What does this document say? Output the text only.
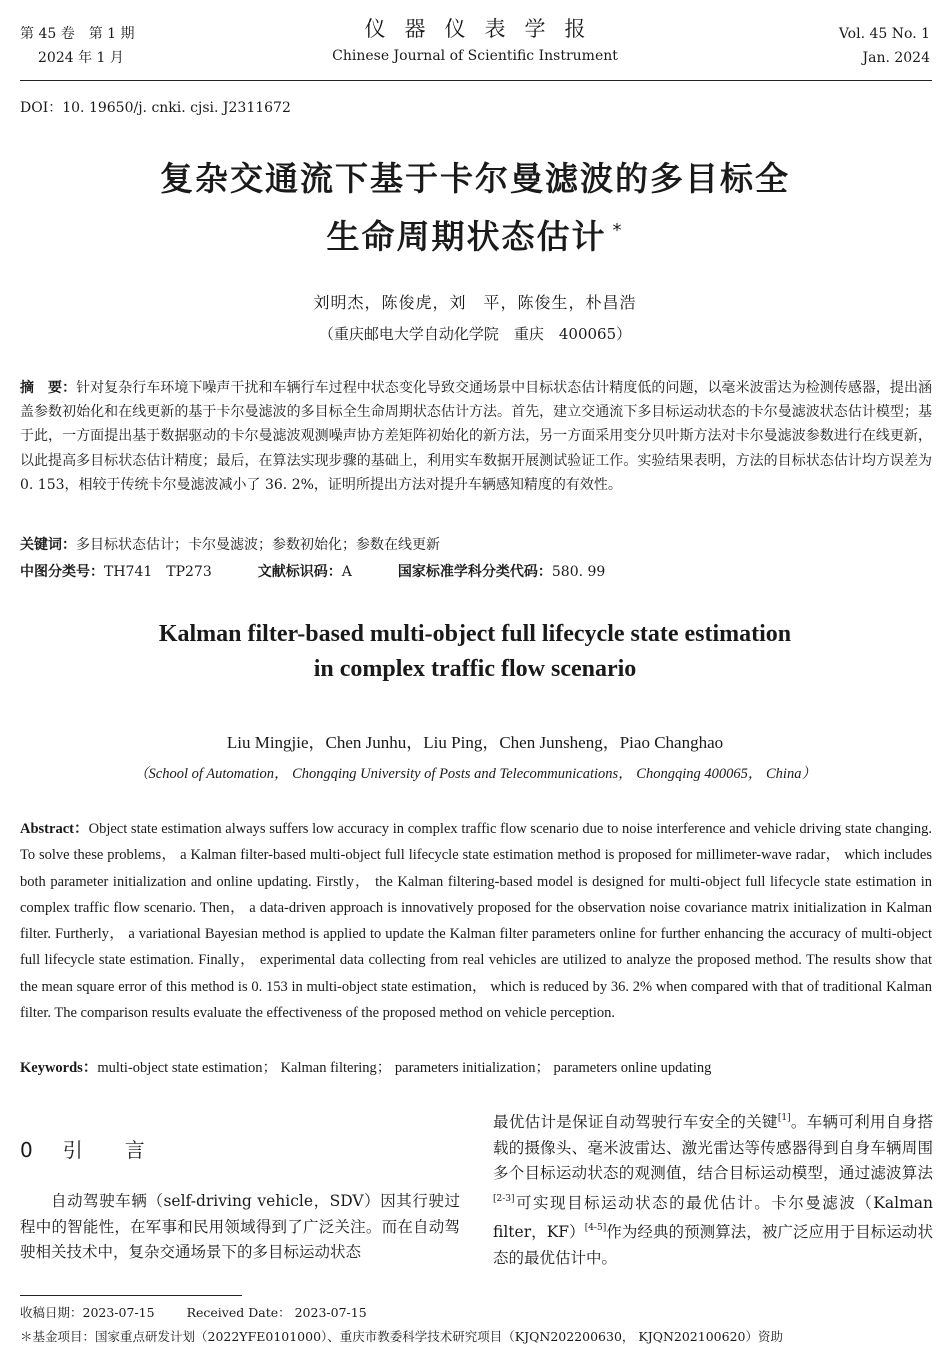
第 45 卷　第 1 期
2024 年 1 月
仪器仪表学报
Chinese Journal of Scientific Instrument
Vol. 45 No. 1
Jan. 2024
DOI：10. 19650/j. cnki. cjsi. J2311672
复杂交通流下基于卡尔曼滤波的多目标全
生命周期状态估计 *
刘明杰，陈俊虎，刘　平，陈俊生，朴昌浩
（重庆邮电大学自动化学院　重庆　400065）
摘　要：针对复杂行车环境下噪声干扰和车辆行车过程中状态变化导致交通场景中目标状态估计精度低的问题，以毫米波雷达为检测传感器，提出涵盖参数初始化和在线更新的基于卡尔曼滤波的多目标全生命周期状态估计方法。首先，建立交通流下多目标运动状态的卡尔曼滤波状态估计模型；基于此，一方面提出基于数据驱动的卡尔曼滤波观测噪声协方差矩阵初始化的新方法，另一方面采用变分贝叶斯方法对卡尔曼滤波参数进行在线更新，以此提高多目标状态估计精度；最后，在算法实现步骤的基础上，利用实车数据开展测试验证工作。实验结果表明，方法的目标状态估计均方误差为 0. 153，相较于传统卡尔曼滤波减小了 36. 2%，证明所提出方法对提升车辆感知精度的有效性。
关键词：多目标状态估计；卡尔曼滤波；参数初始化；参数在线更新
中图分类号：TH741　TP273	文献标识码：A	国家标准学科分类代码：580. 99
Kalman filter-based multi-object full lifecycle state estimation
in complex traffic flow scenario
Liu Mingjie，Chen Junhu，Liu Ping，Chen Junsheng，Piao Changhao
（School of Automation， Chongqing University of Posts and Telecommunications， Chongqing 400065， China）
Abstract：Object state estimation always suffers low accuracy in complex traffic flow scenario due to noise interference and vehicle driving state changing. To solve these problems， a Kalman filter-based multi-object full lifecycle state estimation method is proposed for millimeter-wave radar， which includes both parameter initialization and online updating. Firstly， the Kalman filtering-based model is designed for multi-object full lifecycle state estimation in complex traffic flow scenario. Then， a data-driven approach is innovatively proposed for the observation noise covariance matrix initialization in Kalman filter. Furtherly， a variational Bayesian method is applied to update the Kalman filter parameters online for further enhancing the accuracy of multi-object full lifecycle state estimation. Finally， experimental data collecting from real vehicles are utilized to analyze the proposed method. The results show that the mean square error of this method is 0. 153 in multi-object state estimation， which is reduced by 36. 2% when compared with that of traditional Kalman filter. The comparison results evaluate the effectiveness of the proposed method on vehicle perception.
Keywords：multi-object state estimation； Kalman filtering； parameters initialization； parameters online updating
0 引 言
自动驾驶车辆（self-driving vehicle，SDV）因其行驶过程中的智能性，在军事和民用领域得到了广泛关注。而在自动驾驶相关技术中，复杂交通场景下的多目标运动状态
最优估计是保证自动驾驶行车安全的关键[1]。车辆可利用自身搭载的摄像头、毫米波雷达、激光雷达等传感器得到自身车辆周围多个目标运动状态的观测值，结合目标运动模型，通过滤波算法[2-3]可实现目标运动状态的最优估计。卡尔曼滤波（Kalman filter，KF）[4-5]作为经典的预测算法，被广泛应用于目标运动状态的最优估计中。
收稿日期：2023-07-15	Received Date： 2023-07-15
＊基金项目：国家重点研发计划（2022YFE0101000）、重庆市教委科学技术研究项目（KJQN202200630， KJQN202100620）资助
